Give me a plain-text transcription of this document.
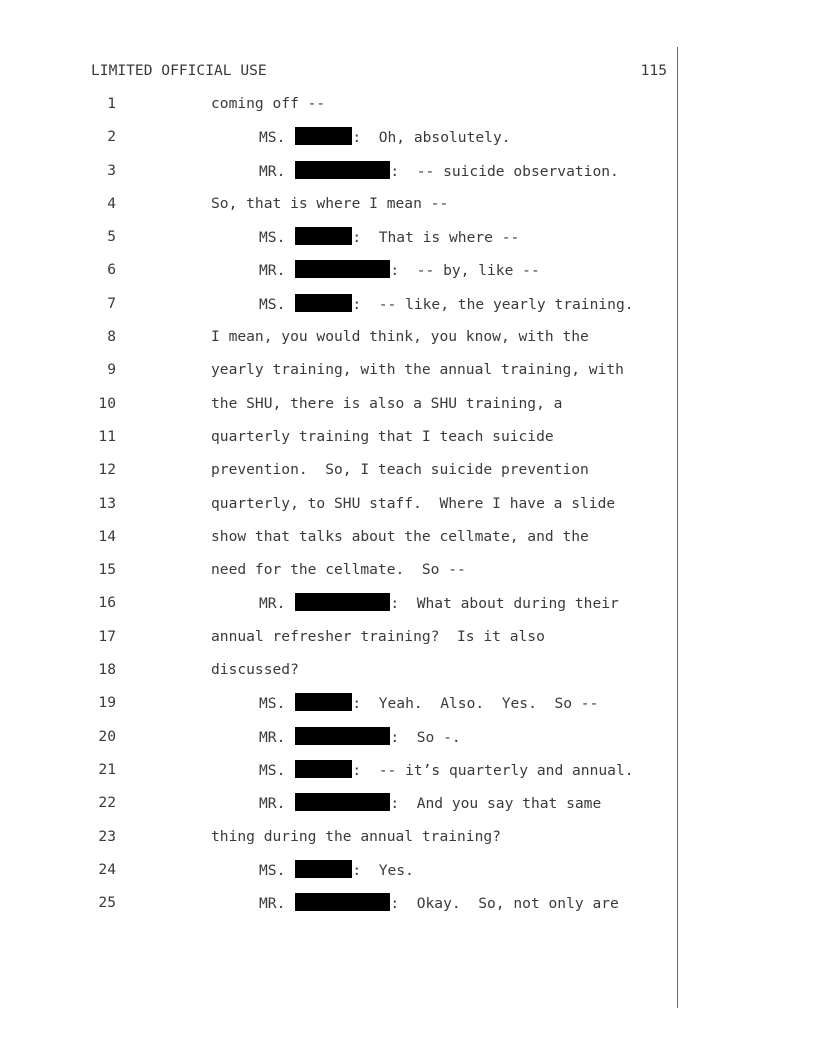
LIMITED OFFICIAL USE	115
1	coming off --
2	MS.	:  Oh, absolutely.
3	MR.	:  -- suicide observation.
4	So, that is where I mean --
5	MS.	:  That is where --
6	MR.	:  -- by, like --
7	MS.	:  -- like, the yearly training.
8	I mean, you would think, you know, with the
9	yearly training, with the annual training, with
10	the SHU, there is also a SHU training, a
11	quarterly training that I teach suicide
12	prevention.  So, I teach suicide prevention
13	quarterly, to SHU staff.  Where I have a slide
14	show that talks about the cellmate, and the
15	need for the cellmate.  So --
16	MR.	:  What about during their
17	annual refresher training?  Is it also
18	discussed?
19	MS.	:  Yeah.  Also.  Yes.  So --
20	MR.	:  So -.
21	MS.	:  -- it’s quarterly and annual.
22	MR.	:  And you say that same
23	thing during the annual training?
24	MS.	:  Yes.
25	MR.	:  Okay.  So, not only are
